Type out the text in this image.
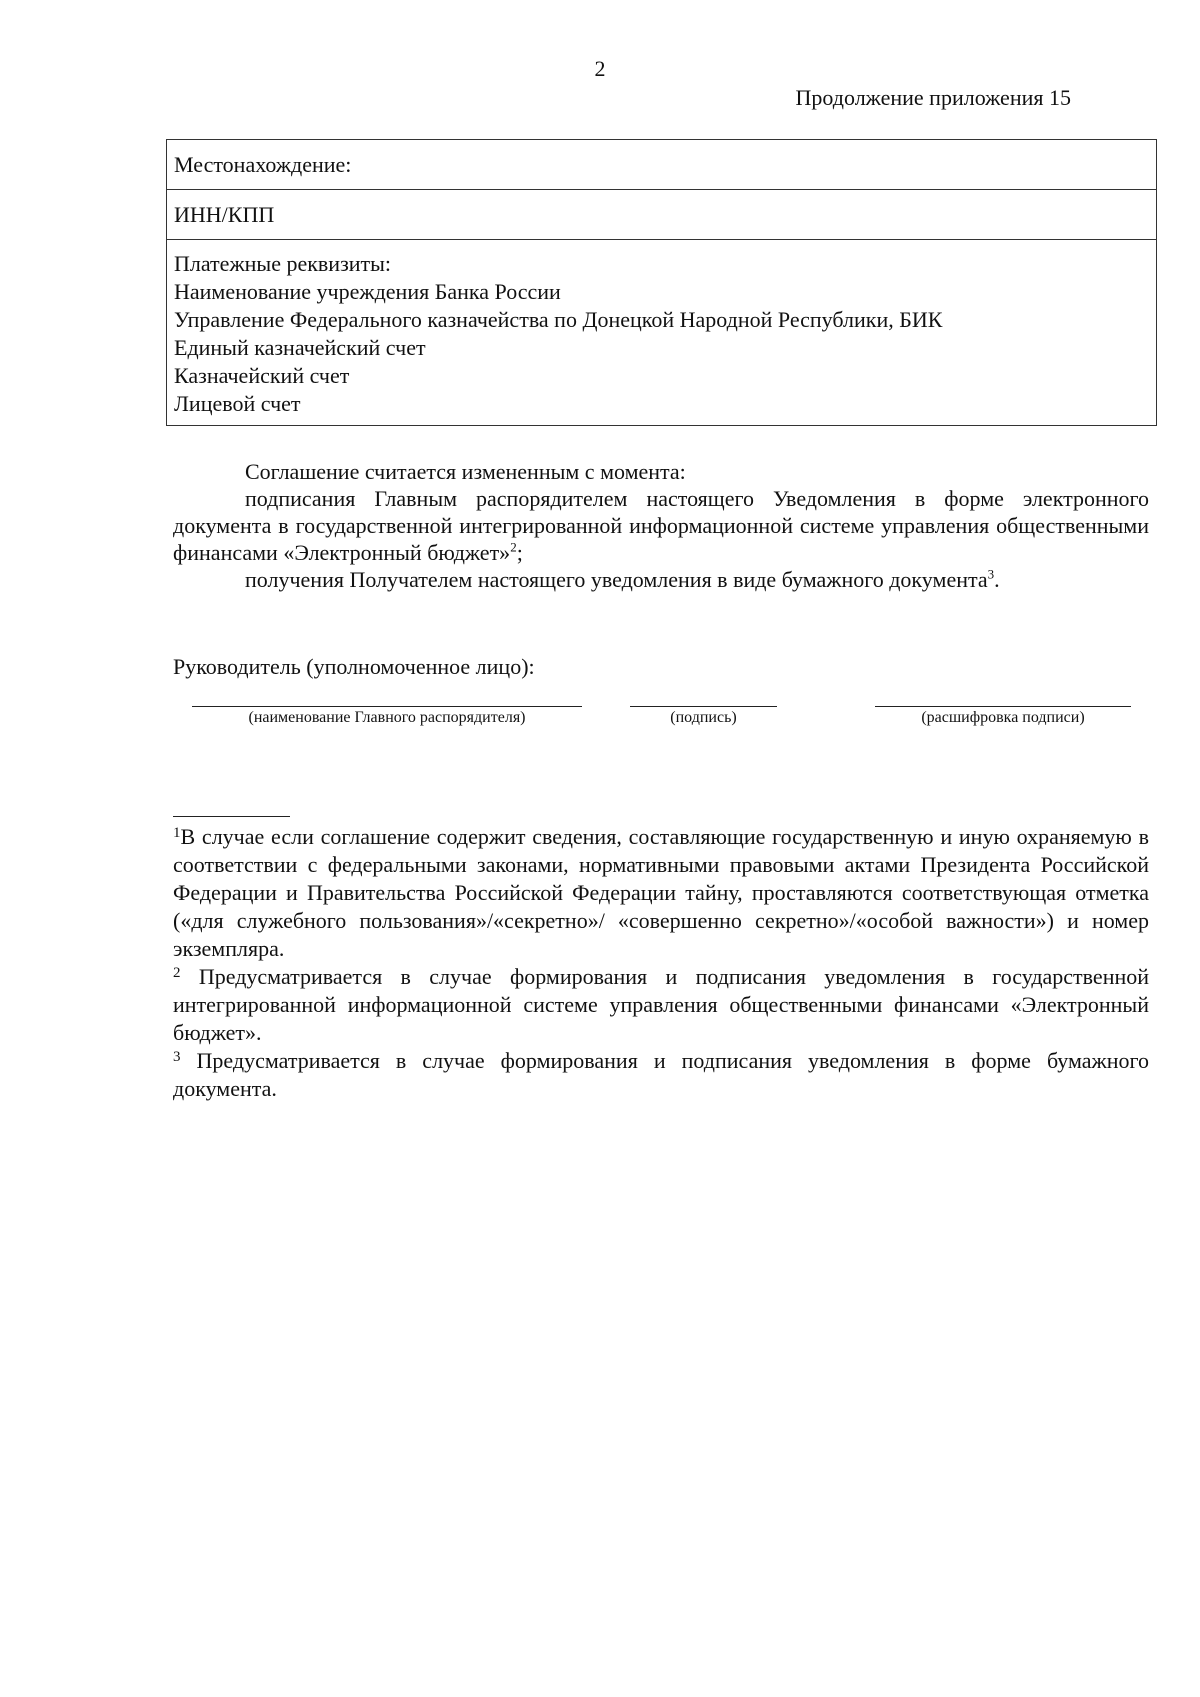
2
Продолжение приложения 15
Местонахождение:
ИНН/КПП
Платежные реквизиты:
Наименование учреждения Банка России
Управление Федерального казначейства по Донецкой Народной Республики, БИК
Единый казначейский счет
Казначейский счет
Лицевой счет
Соглашение считается измененным с момента:
подписания Главным распорядителем настоящего Уведомления в форме электронного документа в государственной интегрированной информационной системе управления общественными финансами «Электронный бюджет»$^2$;
получения Получателем настоящего уведомления в виде бумажного документа$^3$.
Руководитель (уполномоченное лицо):
(наименование Главного распорядителя)	(подпись)	(расшифровка подписи)
$^1$В случае если соглашение содержит сведения, составляющие государственную и иную охраняемую в соответствии с федеральными законами, нормативными правовыми актами Президента Российской Федерации и Правительства Российской Федерации тайну, проставляются соответствующая отметка («для служебного пользования»/«секретно»/ «совершенно секретно»/«особой важности») и номер экземпляра.
$^2$ Предусматривается в случае формирования и подписания уведомления в государственной интегрированной информационной системе управления общественными финансами «Электронный бюджет».
$^3$ Предусматривается в случае формирования и подписания уведомления в форме бумажного документа.
